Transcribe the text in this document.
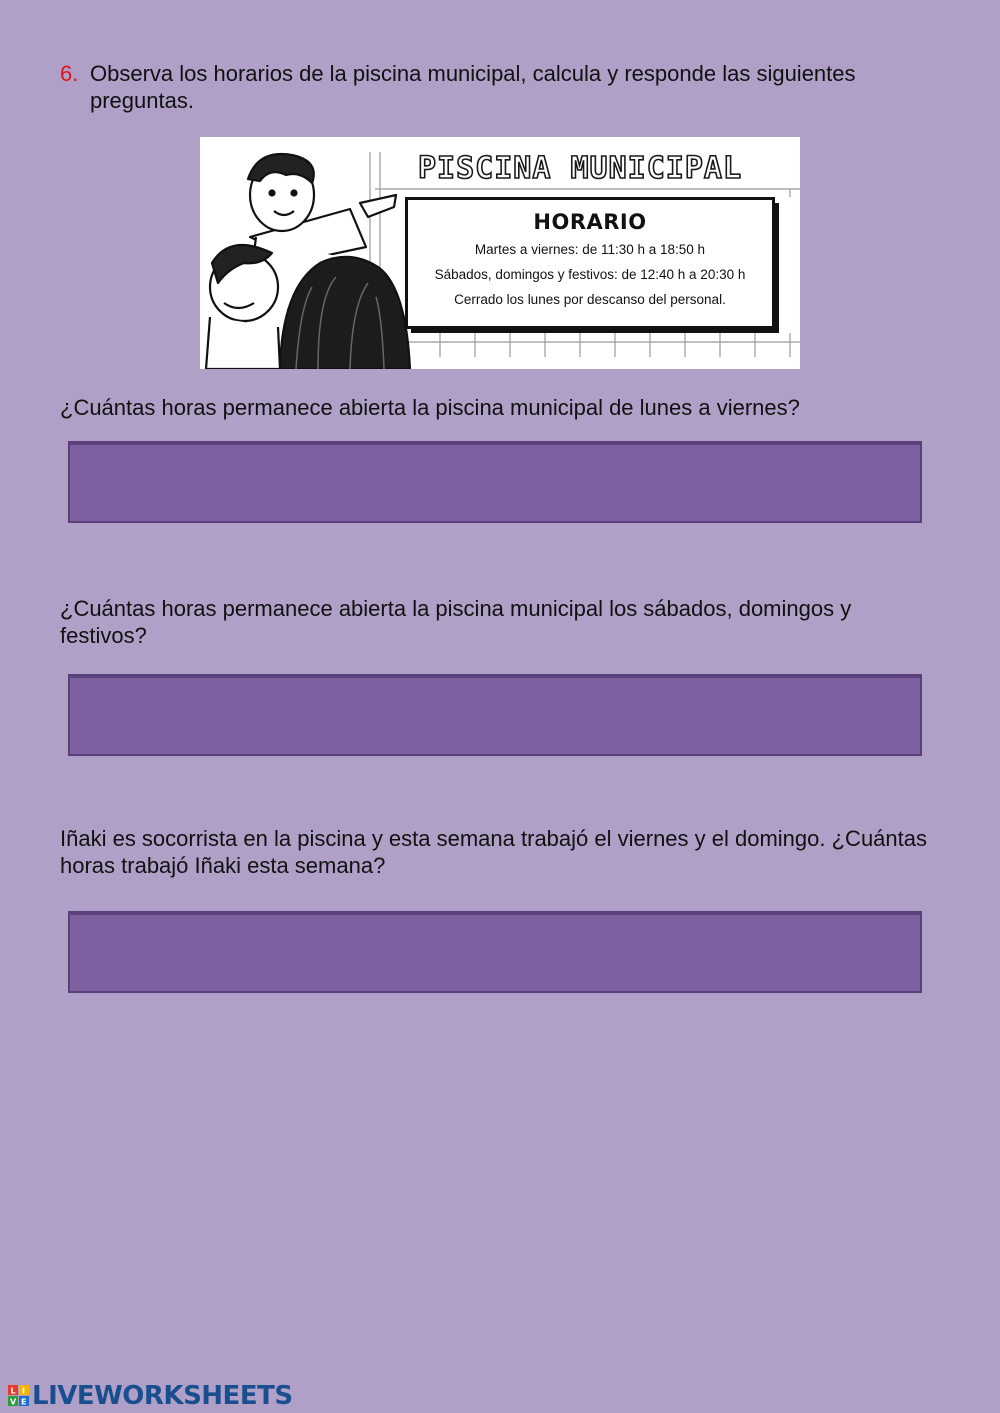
6. Observa los horarios de la piscina municipal, calcula y responde las siguientes preguntas.
PISCINA MUNICIPAL
HORARIO
Martes a viernes: de 11:30 h a 18:50 h
Sábados, domingos y festivos: de 12:40 h a 20:30 h
Cerrado los lunes por descanso del personal.
¿Cuántas horas permanece abierta la piscina municipal de lunes a viernes?
¿Cuántas horas permanece abierta la piscina municipal los sábados, domingos y festivos?
Iñaki es socorrista en la piscina y esta semana trabajó el viernes y el domingo. ¿Cuántas horas trabajó Iñaki esta semana?
L I
V E LIVEWORKSHEETS
